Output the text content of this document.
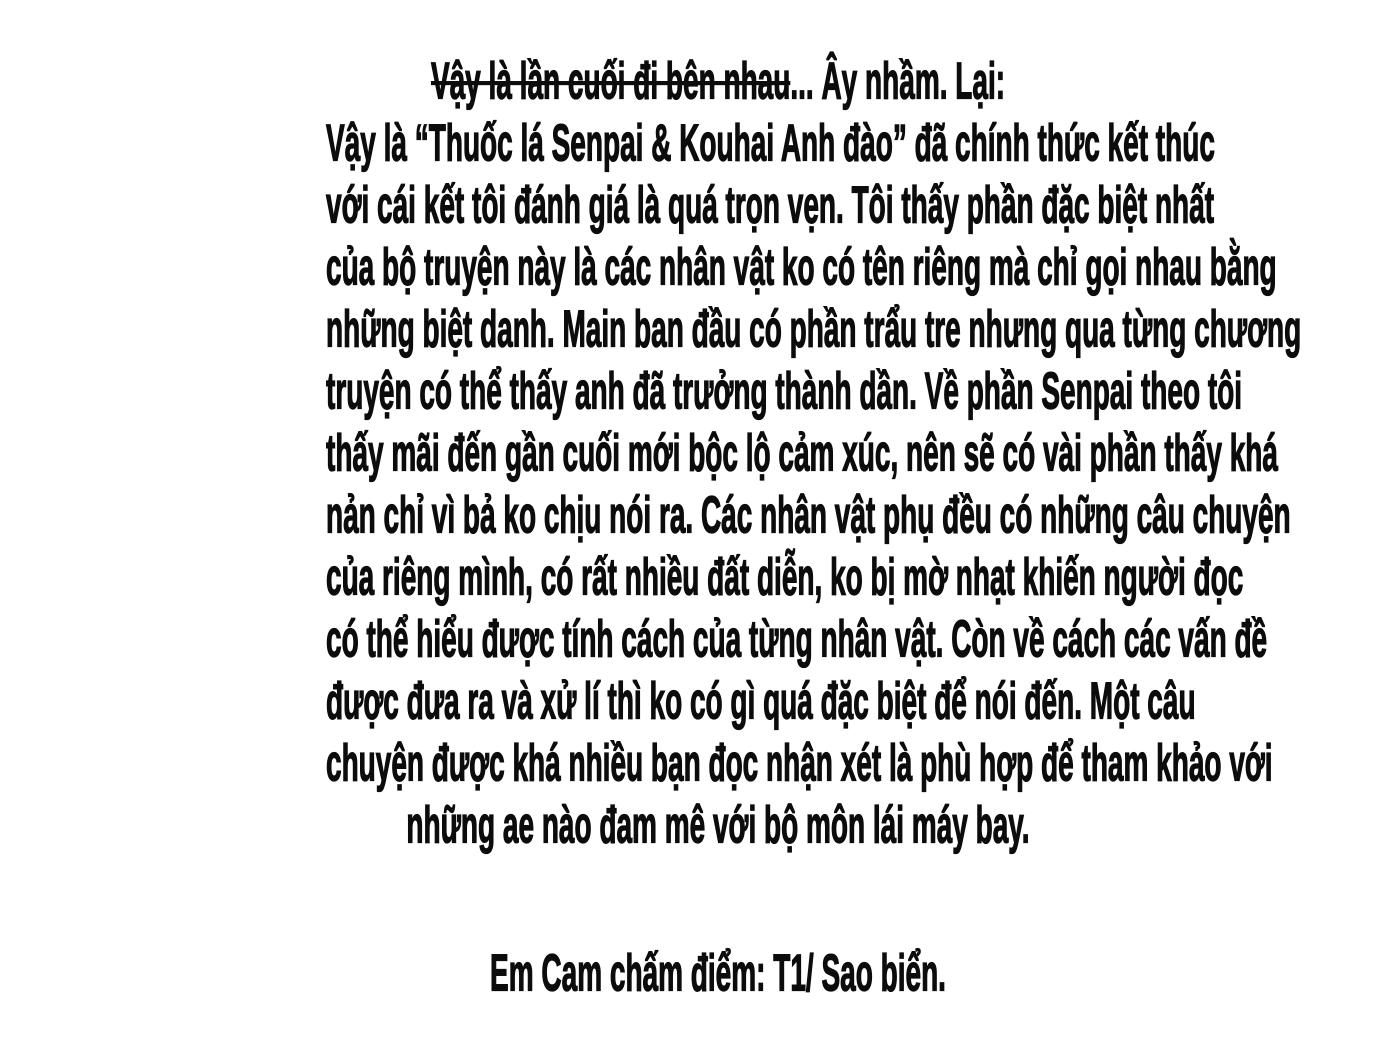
Vậy là lần cuối đi bên nhau... Ây nhầm. Lại:
Vậy là “Thuốc lá Senpai & Kouhai Anh đào” đã chính thức kết thúc
với cái kết tôi đánh giá là quá trọn vẹn. Tôi thấy phần đặc biệt nhất
của bộ truyện này là các nhân vật ko có tên riêng mà chỉ gọi nhau bằng
những biệt danh. Main ban đầu có phần trẩu tre nhưng qua từng chương
truyện có thể thấy anh đã trưởng thành dần. Về phần Senpai theo tôi
thấy mãi đến gần cuối mới bộc lộ cảm xúc, nên sẽ có vài phần thấy khá
nản chỉ vì bả ko chịu nói ra. Các nhân vật phụ đều có những câu chuyện
của riêng mình, có rất nhiều đất diễn, ko bị mờ nhạt khiến người đọc
có thể hiểu được tính cách của từng nhân vật. Còn về cách các vấn đề
được đưa ra và xử lí thì ko có gì quá đặc biệt để nói đến. Một câu
chuyện được khá nhiều bạn đọc nhận xét là phù hợp để tham khảo với
những ae nào đam mê với bộ môn lái máy bay.
Em Cam chấm điểm: T1/ Sao biển.
